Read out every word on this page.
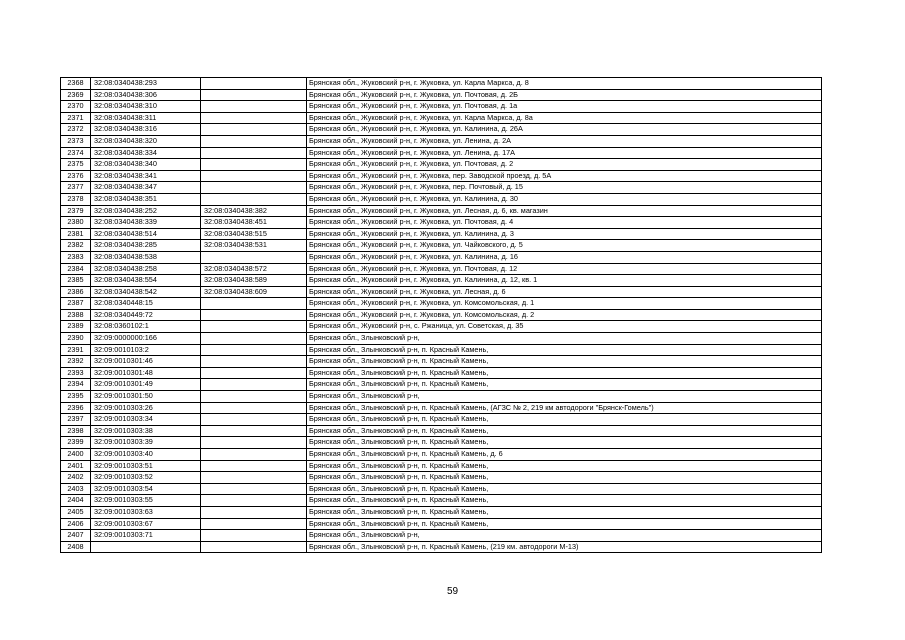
2368	32:08:0340438:293		Брянская обл., Жуковский р-н, г. Жуковка, ул. Карла Маркса, д. 8
2369	32:08:0340438:306		Брянская обл., Жуковский р-н, г. Жуковка, ул. Почтовая, д. 2Б
2370	32:08:0340438:310		Брянская обл., Жуковский р-н, г. Жуковка, ул. Почтовая, д. 1а
2371	32:08:0340438:311		Брянская обл., Жуковский р-н, г. Жуковка, ул. Карла Маркса, д. 8а
2372	32:08:0340438:316		Брянская обл., Жуковский р-н, г. Жуковка, ул. Калинина, д. 26А
2373	32:08:0340438:320		Брянская обл., Жуковский р-н, г. Жуковка, ул. Ленина, д. 2А
2374	32:08:0340438:334		Брянская обл., Жуковский р-н, г. Жуковка, ул. Ленина, д. 17А
2375	32:08:0340438:340		Брянская обл., Жуковский р-н, г. Жуковка, ул. Почтовая, д. 2
2376	32:08:0340438:341		Брянская обл., Жуковский р-н, г. Жуковка, пер. Заводской проезд, д. 5А
2377	32:08:0340438:347		Брянская обл., Жуковский р-н, г. Жуковка, пер. Почтовый, д. 15
2378	32:08:0340438:351		Брянская обл., Жуковский р-н, г. Жуковка, ул. Калинина, д. 30
2379	32:08:0340438:252	32:08:0340438:382	Брянская обл., Жуковский р-н, г. Жуковка, ул. Лесная, д. 6, кв. магазин
2380	32:08:0340438:339	32:08:0340438:451	Брянская обл., Жуковский р-н, г. Жуковка, ул. Почтовая, д. 4
2381	32:08:0340438:514	32:08:0340438:515	Брянская обл., Жуковский р-н, г. Жуковка, ул. Калинина, д. 3
2382	32:08:0340438:285	32:08:0340438:531	Брянская обл., Жуковский р-н, г. Жуковка, ул. Чайковского, д. 5
2383	32:08:0340438:538		Брянская обл., Жуковский р-н, г. Жуковка, ул. Калинина, д. 16
2384	32:08:0340438:258	32:08:0340438:572	Брянская обл., Жуковский р-н, г. Жуковка, ул. Почтовая, д. 12
2385	32:08:0340438:554	32:08:0340438:589	Брянская обл., Жуковский р-н, г. Жуковка, ул. Калинина, д. 12, кв. 1
2386	32:08:0340438:542	32:08:0340438:609	Брянская обл., Жуковский р-н, г. Жуковка, ул. Лесная, д. 6
2387	32:08:0340448:15		Брянская обл., Жуковский р-н, г. Жуковка, ул. Комсомольская, д. 1
2388	32:08:0340449:72		Брянская обл., Жуковский р-н, г. Жуковка, ул. Комсомольская, д. 2
2389	32:08:0360102:1		Брянская обл., Жуковский р-н, с. Ржаница, ул. Советская, д. 35
2390	32:09:0000000:166		Брянская обл., Злынковский р-н,
2391	32:09:0010103:2		Брянская обл., Злынковский р-н, п. Красный Камень,
2392	32:09:0010301:46		Брянская обл., Злынковский р-н, п. Красный Камень,
2393	32:09:0010301:48		Брянская обл., Злынковский р-н, п. Красный Камень,
2394	32:09:0010301:49		Брянская обл., Злынковский р-н, п. Красный Камень,
2395	32:09:0010301:50		Брянская обл., Злынковский р-н,
2396	32:09:0010303:26		Брянская обл., Злынковский р-н, п. Красный Камень, (АГЗС № 2, 219 км автодороги "Брянск-Гомель")
2397	32:09:0010303:34		Брянская обл., Злынковский р-н, п. Красный Камень,
2398	32:09:0010303:38		Брянская обл., Злынковский р-н, п. Красный Камень,
2399	32:09:0010303:39		Брянская обл., Злынковский р-н, п. Красный Камень,
2400	32:09:0010303:40		Брянская обл., Злынковский р-н, п. Красный Камень, д. 6
2401	32:09:0010303:51		Брянская обл., Злынковский р-н, п. Красный Камень,
2402	32:09:0010303:52		Брянская обл., Злынковский р-н, п. Красный Камень,
2403	32:09:0010303:54		Брянская обл., Злынковский р-н, п. Красный Камень,
2404	32:09:0010303:55		Брянская обл., Злынковский р-н, п. Красный Камень,
2405	32:09:0010303:63		Брянская обл., Злынковский р-н, п. Красный Камень,
2406	32:09:0010303:67		Брянская обл., Злынковский р-н, п. Красный Камень,
2407	32:09:0010303:71		Брянская обл., Злынковский р-н,
2408			Брянская обл., Злынковский р-н, п. Красный Камень, (219 км. автодороги М-13)
59
